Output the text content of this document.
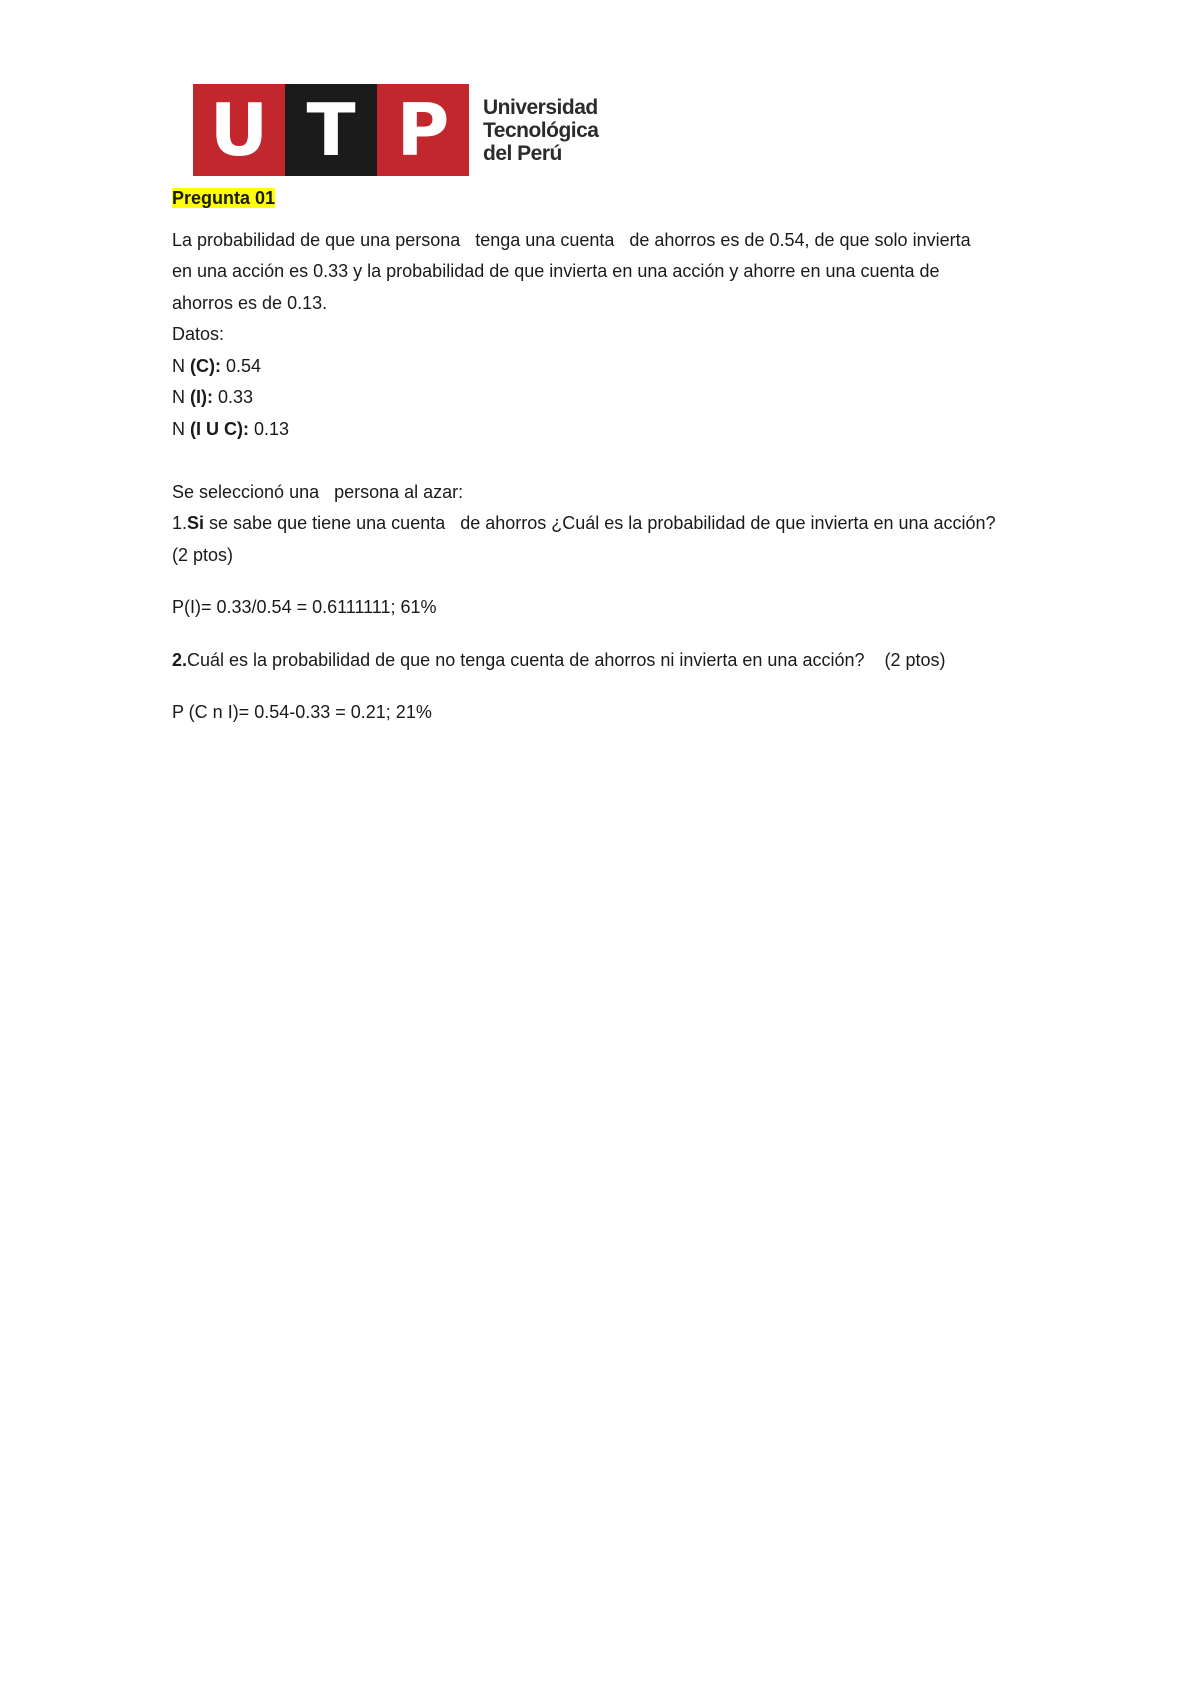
U T P	Universidad
Tecnológica
del Perú

Pregunta 01

La probabilidad de que una persona   tenga una cuenta   de ahorros es de 0.54, de que solo invierta

en una acción es 0.33 y la probabilidad de que invierta en una acción y ahorre en una cuenta de

ahorros es de 0.13.

Datos:

N (C): 0.54

N (I): 0.33

N (I U C): 0.13

Se seleccionó una   persona al azar:

1.Si se sabe que tiene una cuenta   de ahorros ¿Cuál es la probabilidad de que invierta en una acción?

(2 ptos)

P(I)= 0.33/0.54 = 0.6111111; 61%

2.Cuál es la probabilidad de que no tenga cuenta de ahorros ni invierta en una acción?    (2 ptos)

P (C n I)= 0.54-0.33 = 0.21; 21%
